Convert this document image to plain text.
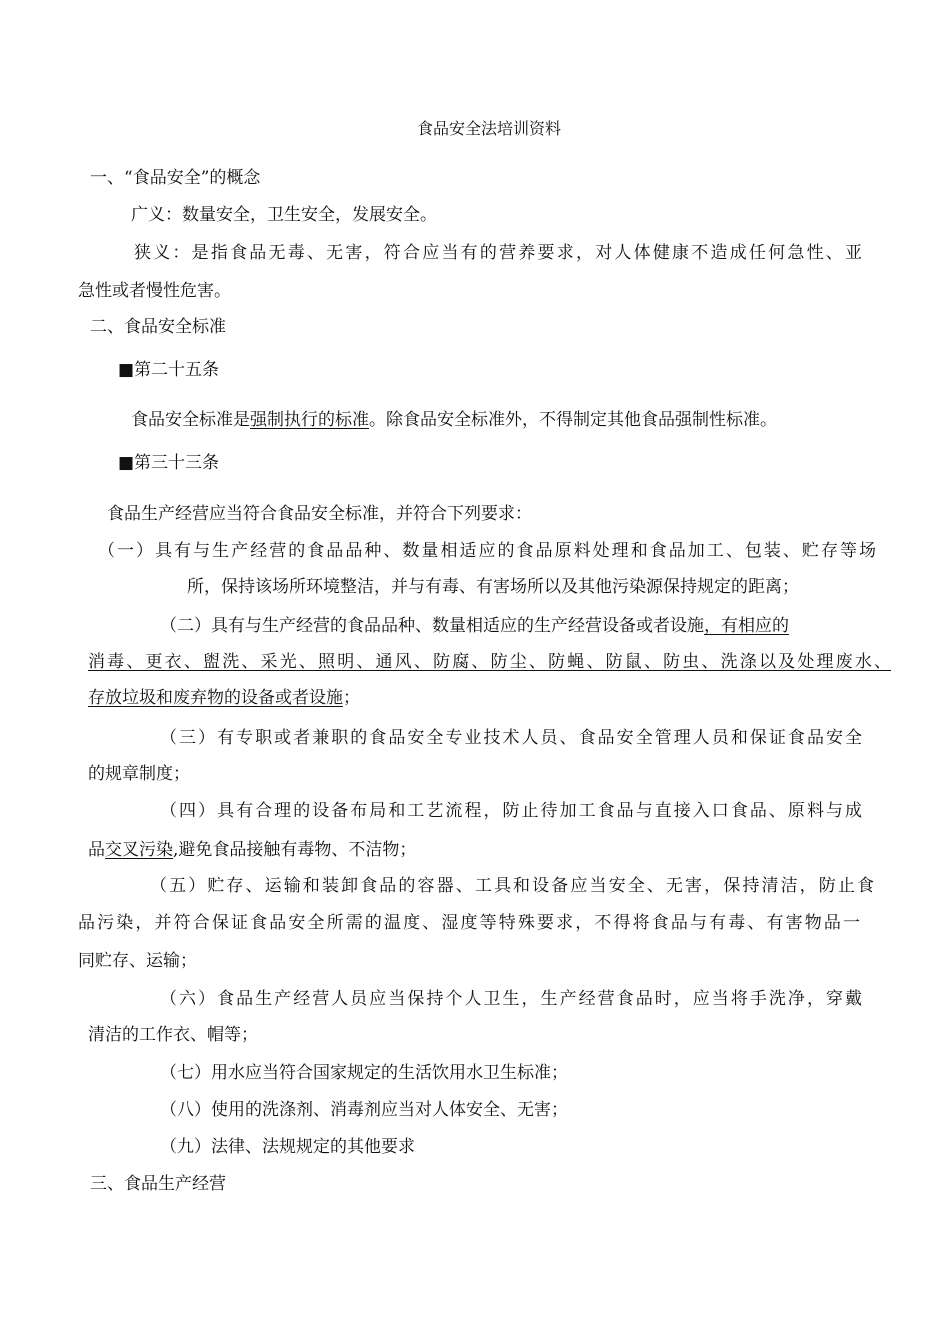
食品安全法培训资料
一、“食品安全”的概念
广义：数量安全，卫生安全，发展安全。
狭义：是指食品无毒、无害，符合应当有的营养要求，对人体健康不造成任何急性、亚
急性或者慢性危害。
二、食品安全标准
■第二十五条
食品安全标准是强制执行的标准。除食品安全标准外，不得制定其他食品强制性标准。
■第三十三条
食品生产经营应当符合食品安全标准，并符合下列要求：
（一）具有与生产经营的食品品种、数量相适应的食品原料处理和食品加工、包装、贮存等场
所，保持该场所环境整洁，并与有毒、有害场所以及其他污染源保持规定的距离；
（二）具有与生产经营的食品品种、数量相适应的生产经营设备或者设施，有相应的
消毒、更衣、盥洗、采光、照明、通风、防腐、防尘、防蝇、防鼠、防虫、洗涤以及处理废水、
存放垃圾和废弃物的设备或者设施；
（三）有专职或者兼职的食品安全专业技术人员、食品安全管理人员和保证食品安全
的规章制度；
（四）具有合理的设备布局和工艺流程，防止待加工食品与直接入口食品、原料与成
品交叉污染,避免食品接触有毒物、不洁物；
（五）贮存、运输和装卸食品的容器、工具和设备应当安全、无害，保持清洁，防止食
品污染，并符合保证食品安全所需的温度、湿度等特殊要求，不得将食品与有毒、有害物品一
同贮存、运输；
（六）食品生产经营人员应当保持个人卫生，生产经营食品时，应当将手洗净，穿戴
清洁的工作衣、帽等；
（七）用水应当符合国家规定的生活饮用水卫生标准；
（八）使用的洗涤剂、消毒剂应当对人体安全、无害；
（九）法律、法规规定的其他要求
三、食品生产经营
